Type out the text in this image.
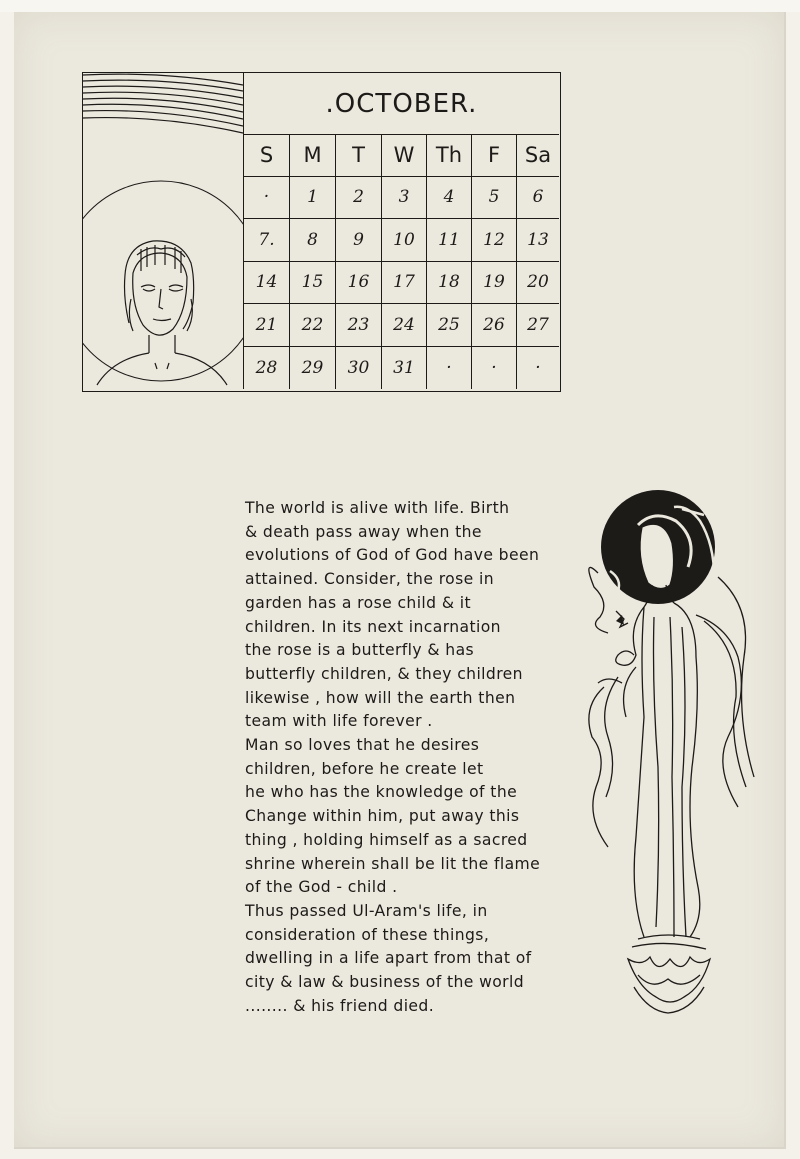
.OCTOBER.
S	M	T	W	Th	F	Sa
·	1	2	3	4	5	6
7.	8	9	10	11	12	13
14	15	16	17	18	19	20
21	22	23	24	25	26	27
28	29	30	31	·	·	·
The world is alive with life. Birth
& death pass away when the
evolutions of God of God have been
attained. Consider, the rose in
garden has a rose child & it
children. In its next incarnation
the rose is a butterfly & has
butterfly children, & they children
likewise , how will the earth then
team with life forever .
Man so loves that he desires
children, before he create let
he who has the knowledge of the
Change within him, put away this
thing , holding himself as a sacred
shrine wherein shall be lit the flame
of the God - child .
Thus passed Ul-Aram's life, in
consideration of these things,
dwelling in a life apart from that of
city & law & business of the world
........ & his friend died.
